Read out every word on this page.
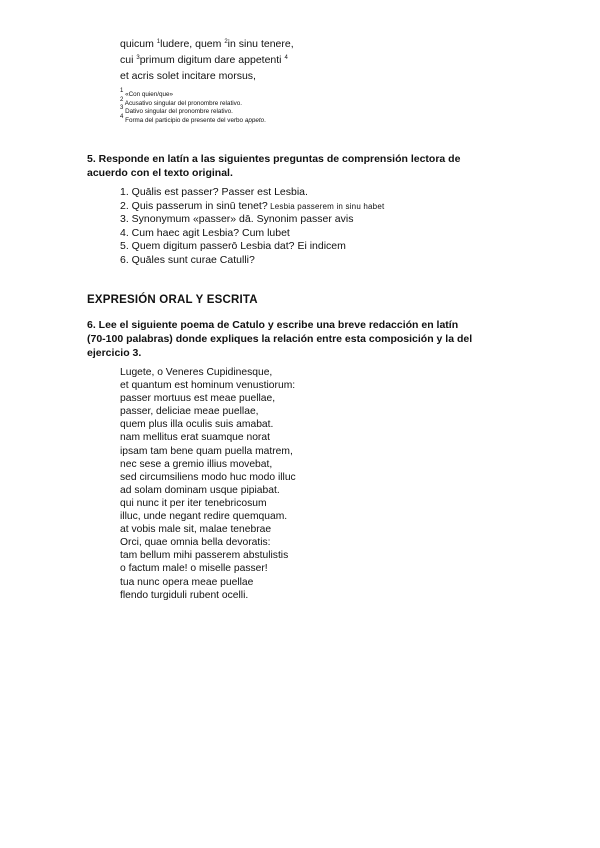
quicum $^1$ludere, quem $^2$in sinu tenere,
cui $^3$primum digitum dare appetenti $^4$
et acris solet incitare morsus,
$^1$ «Con quien/que»
$^2$ Acusativo singular del pronombre relativo.
$^3$ Dativo singular del pronombre relativo.
$^4$ Forma del participio de presente del verbo appeto.
5. Responde en latín a las siguientes preguntas de comprensión lectora de
acuerdo con el texto original.
1. Quālis est passer? Passer est Lesbia.
2. Quis passerum in sinū tenet? Lesbia passerem in sinu habet
3. Synonymum «passer» dā. Synonim passer avis
4. Cum haec agit Lesbia? Cum lubet
5. Quem digitum passerō Lesbia dat? Ei indicem
6. Quāles sunt curae Catulli?
EXPRESIÓN ORAL Y ESCRITA
6. Lee el siguiente poema de Catulo y escribe una breve redacción en latín
(70-100 palabras) donde expliques la relación entre esta composición y la del
ejercicio 3.
Lugete, o Veneres Cupidinesque,
et quantum est hominum venustiorum:
passer mortuus est meae puellae,
passer, deliciae meae puellae,
quem plus illa oculis suis amabat.
nam mellitus erat suamque norat
ipsam tam bene quam puella matrem,
nec sese a gremio illius movebat,
sed circumsiliens modo huc modo illuc
ad solam dominam usque pipiabat.
qui nunc it per iter tenebricosum
illuc, unde negant redire quemquam.
at vobis male sit, malae tenebrae
Orci, quae omnia bella devoratis:
tam bellum mihi passerem abstulistis
o factum male! o miselle passer!
tua nunc opera meae puellae
flendo turgiduli rubent ocelli.
